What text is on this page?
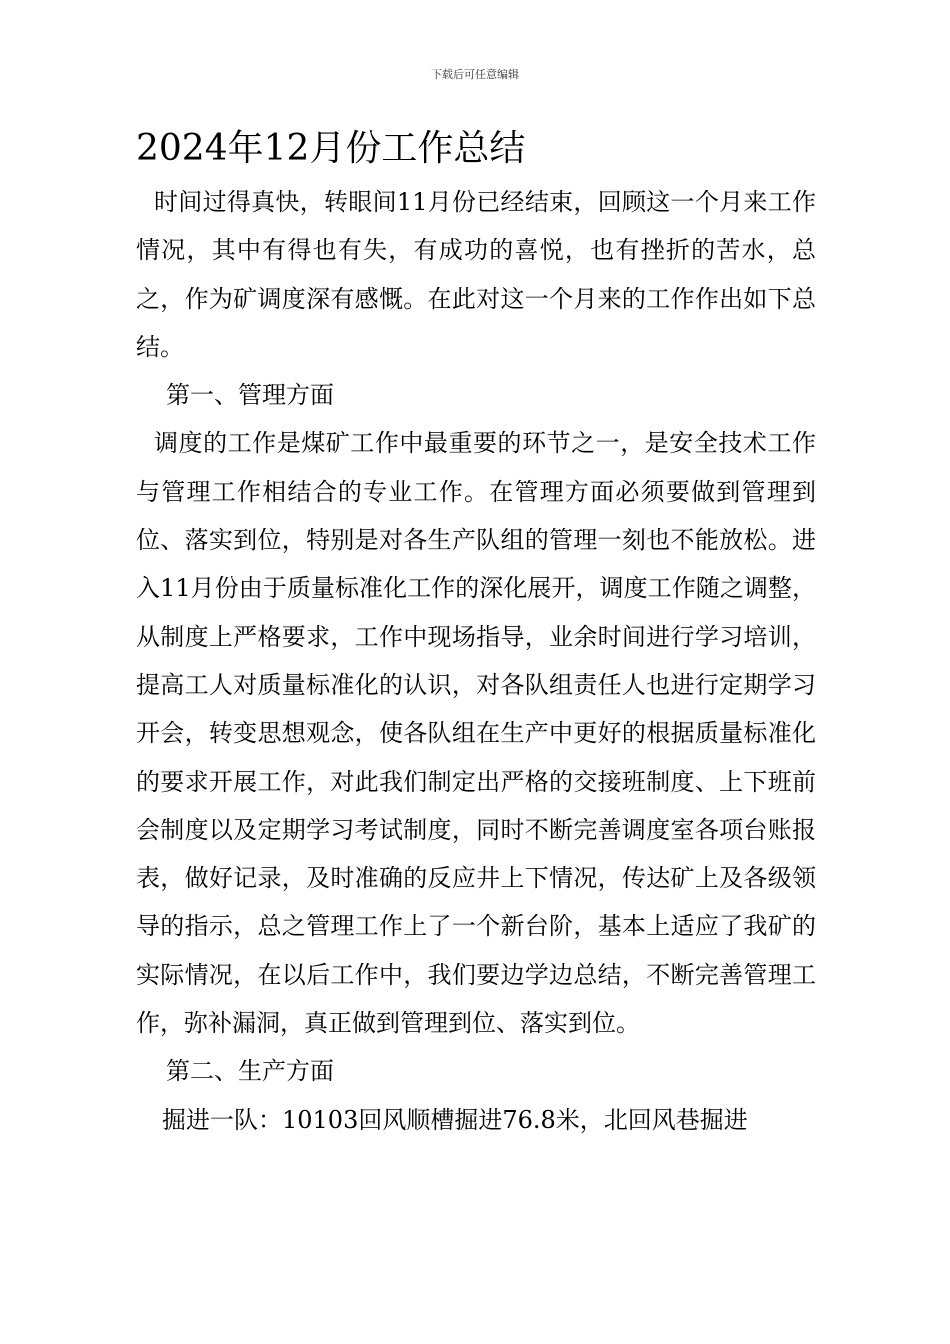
下载后可任意编辑
2024年12月份工作总结

时间过得真快，转眼间11月份已经结束，回顾这一个月来工作情况，其中有得也有失，有成功的喜悦，也有挫折的苦水，总之，作为矿调度深有感慨。在此对这一个月来的工作作出如下总结。

第一、管理方面

调度的工作是煤矿工作中最重要的环节之一，是安全技术工作与管理工作相结合的专业工作。在管理方面必须要做到管理到位、落实到位，特别是对各生产队组的管理一刻也不能放松。进入11月份由于质量标准化工作的深化展开，调度工作随之调整，从制度上严格要求，工作中现场指导，业余时间进行学习培训，提高工人对质量标准化的认识，对各队组责任人也进行定期学习开会，转变思想观念，使各队组在生产中更好的根据质量标准化的要求开展工作，对此我们制定出严格的交接班制度、上下班前会制度以及定期学习考试制度，同时不断完善调度室各项台账报表，做好记录，及时准确的反应井上下情况，传达矿上及各级领导的指示，总之管理工作上了一个新台阶，基本上适应了我矿的实际情况，在以后工作中，我们要边学边总结，不断完善管理工作，弥补漏洞，真正做到管理到位、落实到位。

第二、生产方面

掘进一队：10103回风顺槽掘进76.8米，北回风巷掘进
